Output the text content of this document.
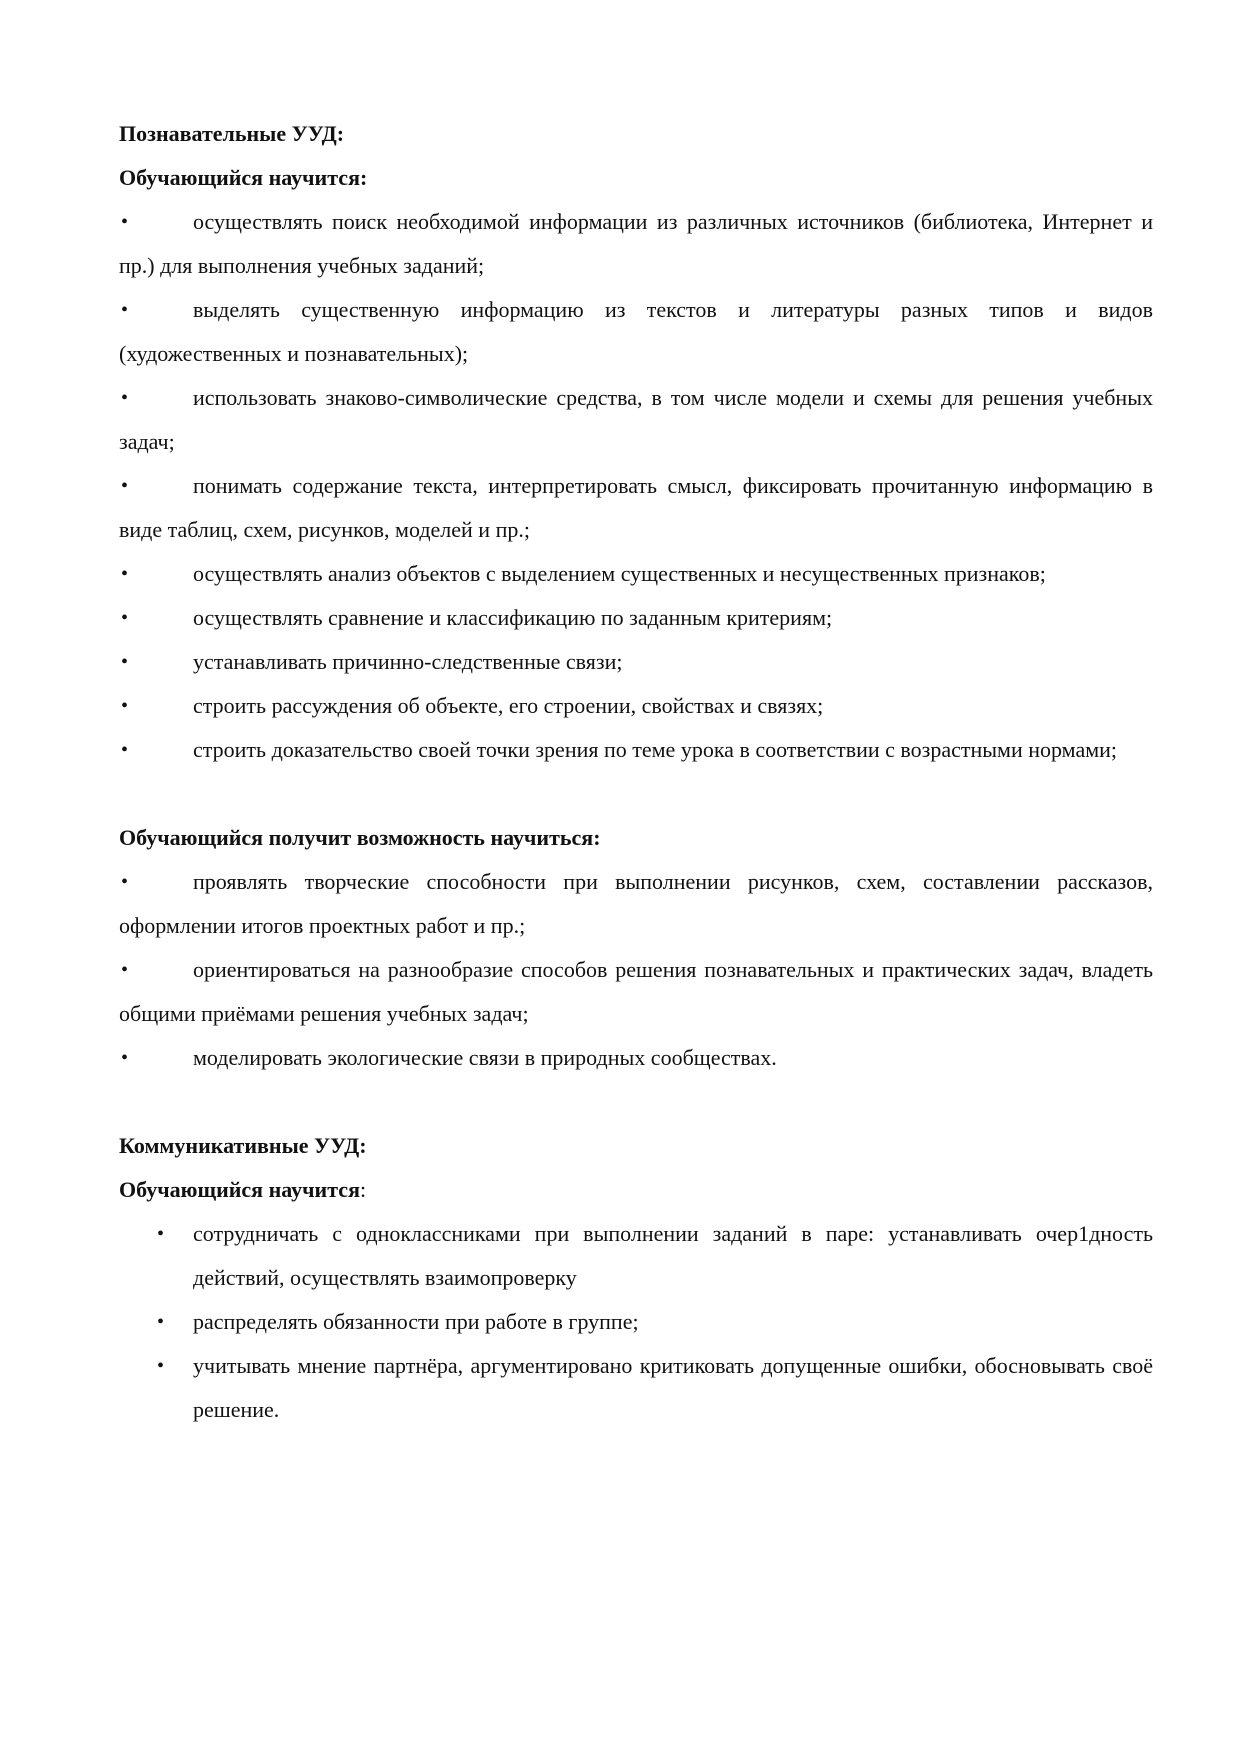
Познавательные УУД:

Обучающийся научится:

•	осуществлять поиск необходимой информации из различных источников (библиотека, Интернет и пр.) для выполнения учебных заданий;
•	выделять существенную информацию из текстов и литературы разных типов и видов (художественных и познавательных);
•	использовать знаково-символические средства, в том числе модели и схемы для решения учебных задач;
•	понимать содержание текста, интерпретировать смысл, фиксировать прочитанную информацию в виде таблиц, схем, рисунков, моделей и пр.;
•	осуществлять анализ объектов с выделением существенных и несущественных признаков;
•	осуществлять сравнение и классификацию по заданным критериям;
•	устанавливать причинно-следственные связи;
•	строить рассуждения об объекте, его строении, свойствах и связях;
•	строить доказательство своей точки зрения по теме урока в соответствии с возрастными нормами;

Обучающийся получит возможность научиться:

•	проявлять творческие способности при выполнении рисунков, схем, составлении рассказов, оформлении итогов проектных работ и пр.;
•	ориентироваться на разнообразие способов решения познавательных и практических задач, владеть общими приёмами решения учебных задач;
•	моделировать экологические связи в природных сообществах.

Коммуникативные УУД:

Обучающийся научится:

• сотрудничать с одноклассниками при выполнении заданий в паре: устанавливать очер1дность действий, осуществлять взаимопроверку
• распределять обязанности при работе в группе;
• учитывать мнение партнёра, аргументировано критиковать допущенные ошибки, обосновывать своё решение.
